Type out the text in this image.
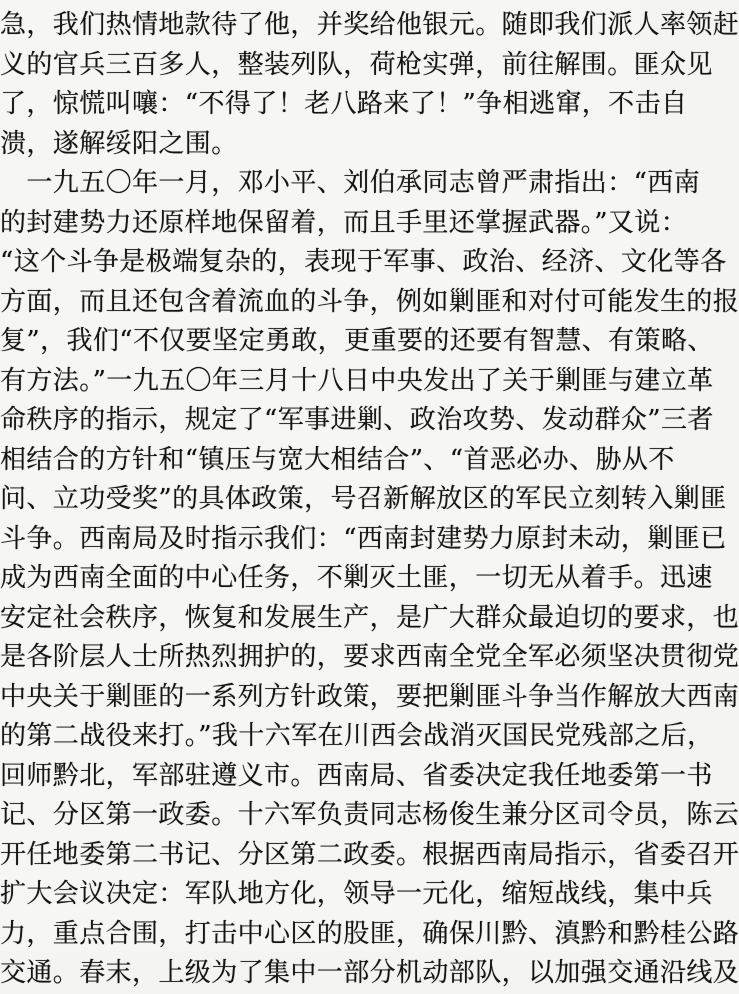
急，我们热情地款待了他，并奖给他银元。随即我们派人率领赶
义的官兵三百多人，整装列队，荷枪实弹，前往解围。匪众见
了，惊慌叫嚷：“不得了！老八路来了！”争相逃窜，不击自
溃，遂解绥阳之围。
　一九五〇年一月，邓小平、刘伯承同志曾严肃指出：“西南
的封建势力还原样地保留着，而且手里还掌握武器。”又说：
“这个斗争是极端复杂的，表现于军事、政治、经济、文化等各
方面，而且还包含着流血的斗争，例如剿匪和对付可能发生的报
复”，我们“不仅要坚定勇敢，更重要的还要有智慧、有策略、
有方法。”一九五〇年三月十八日中央发出了关于剿匪与建立革
命秩序的指示，规定了“军事进剿、政治攻势、发动群众”三者
相结合的方针和“镇压与宽大相结合”、“首恶必办、胁从不
问、立功受奖”的具体政策，号召新解放区的军民立刻转入剿匪
斗争。西南局及时指示我们：“西南封建势力原封未动，剿匪已
成为西南全面的中心任务，不剿灭土匪，一切无从着手。迅速
安定社会秩序，恢复和发展生产，是广大群众最迫切的要求，也
是各阶层人士所热烈拥护的，要求西南全党全军必须坚决贯彻党
中央关于剿匪的一系列方针政策，要把剿匪斗争当作解放大西南
的第二战役来打。”我十六军在川西会战消灭国民党残部之后，
回师黔北，军部驻遵义市。西南局、省委决定我任地委第一书
记、分区第一政委。十六军负责同志杨俊生兼分区司令员，陈云
开任地委第二书记、分区第二政委。根据西南局指示，省委召开
扩大会议决定：军队地方化，领导一元化，缩短战线，集中兵
力，重点合围，打击中心区的股匪，确保川黔、滇黔和黔桂公路
交通。春末，上级为了集中一部分机动部队，以加强交通沿线及
